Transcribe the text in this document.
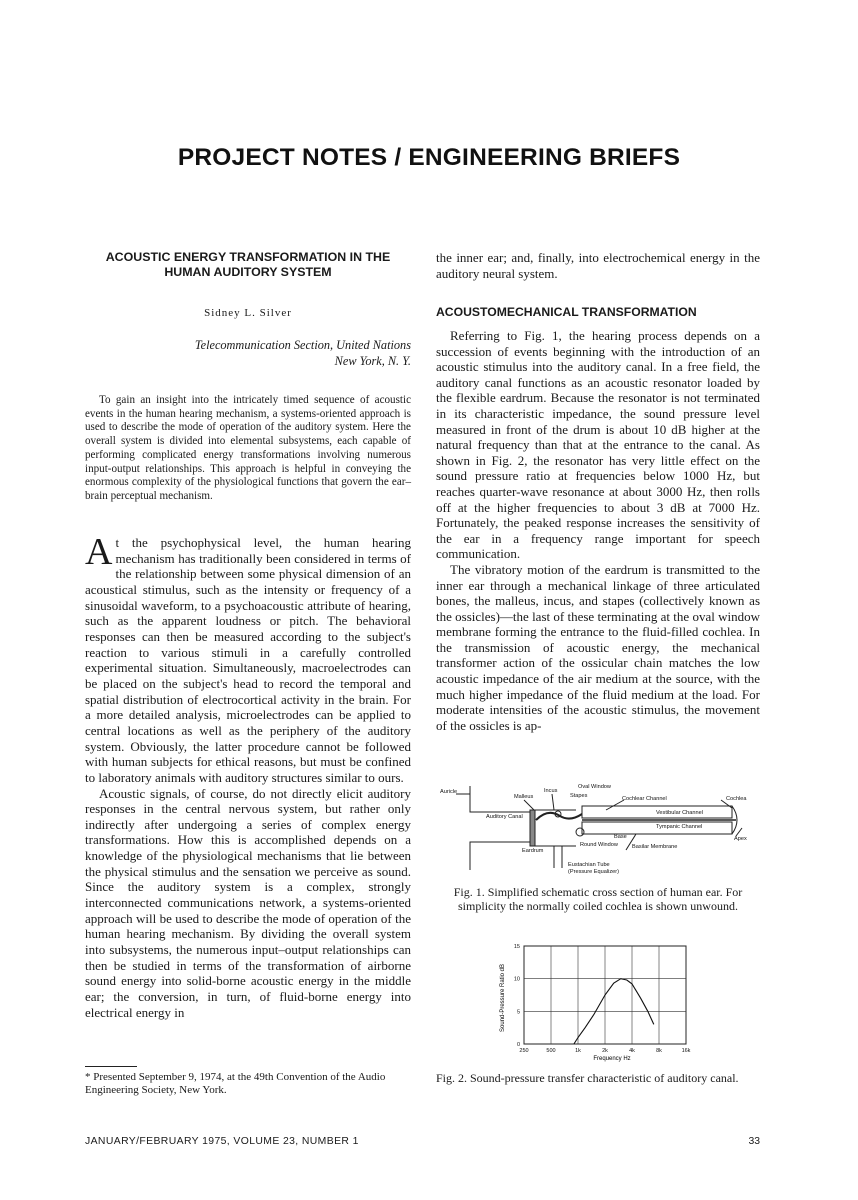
PROJECT NOTES / ENGINEERING BRIEFS
ACOUSTIC ENERGY TRANSFORMATION IN THE
HUMAN AUDITORY SYSTEM
Sidney L. Silver
Telecommunication Section, United Nations
New York, N. Y.
To gain an insight into the intricately timed sequence of acoustic events in the human hearing mechanism, a systems-oriented approach is used to describe the mode of operation of the auditory system. Here the overall system is divided into elemental subsystems, each capable of performing complicated energy transformations involving numerous input-output relationships. This approach is helpful in conveying the enormous complexity of the physiological functions that govern the ear–brain perceptual mechanism.

At the psychophysical level, the human hearing mechanism has traditionally been considered in terms of the relationship between some physical dimension of an acoustical stimulus, such as the intensity or frequency of a sinusoidal waveform, to a psychoacoustic attribute of hearing, such as the apparent loudness or pitch. The behavioral responses can then be measured according to the subject's reaction to various stimuli in a carefully controlled experimental situation. Simultaneously, macroelectrodes can be placed on the subject's head to record the temporal and spatial distribution of electrocortical activity in the brain. For a more detailed analysis, microelectrodes can be applied to central locations as well as the periphery of the auditory system. Obviously, the latter procedure cannot be followed with human subjects for ethical reasons, but must be confined to laboratory animals with auditory structures similar to ours.

Acoustic signals, of course, do not directly elicit auditory responses in the central nervous system, but rather only indirectly after undergoing a series of complex energy transformations. How this is accomplished depends on a knowledge of the physiological mechanisms that lie between the physical stimulus and the sensation we perceive as sound. Since the auditory system is a complex, strongly interconnected communications network, a systems-oriented approach will be used to describe the mode of operation of the human hearing mechanism. By dividing the overall system into subsystems, the numerous input–output relationships can then be studied in terms of the transformation of airborne sound energy into solid-borne acoustic energy in the middle ear; the conversion, in turn, of fluid-borne energy into electrical energy in

* Presented September 9, 1974, at the 49th Convention of the Audio Engineering Society, New York.
the inner ear; and, finally, into electrochemical energy in the auditory neural system.
ACOUSTOMECHANICAL TRANSFORMATION

Referring to Fig. 1, the hearing process depends on a succession of events beginning with the introduction of an acoustic stimulus into the auditory canal. In a free field, the auditory canal functions as an acoustic resonator loaded by the flexible eardrum. Because the resonator is not terminated in its characteristic impedance, the sound pressure level measured in front of the drum is about 10 dB higher at the natural frequency than that at the entrance to the canal. As shown in Fig. 2, the resonator has very little effect on the sound pressure ratio at frequencies below 1000 Hz, but reaches quarter-wave resonance at about 3000 Hz, then rolls off at the higher frequencies to about 3 dB at 7000 Hz. Fortunately, the peaked response increases the sensitivity of the ear in a frequency range important for speech communication.

The vibratory motion of the eardrum is transmitted to the inner ear through a mechanical linkage of three articulated bones, the malleus, incus, and stapes (collectively known as the ossicles)—the last of these terminating at the oval window membrane forming the entrance to the fluid-filled cochlea. In the transmission of acoustic energy, the mechanical transformer action of the ossicular chain matches the low acoustic impedance of the air medium at the source, with the much higher impedance of the fluid medium at the load. For moderate intensities of the acoustic stimulus, the movement of the ossicles is ap-

Auricle
Malleus
Incus
Oval Window
Stapes	Cochlear Channel	Cochlea
Vestibular Channel
Auditory Canal
Tympanic Channel
Apex
Base
Eardrum
Round Window	Basilar Membrane
Eustachian Tube
(Pressure Equalizer)
Fig. 1. Simplified schematic cross section of human ear. For simplicity the normally coiled cochlea is shown unwound.
250	500	1k	2k	4k	8k	16k
0
5
10
15
Frequency Hz
Sound-Pressure Ratio dB
Fig. 2. Sound-pressure transfer characteristic of auditory canal.
JANUARY/FEBRUARY 1975, VOLUME 23, NUMBER 1	33
